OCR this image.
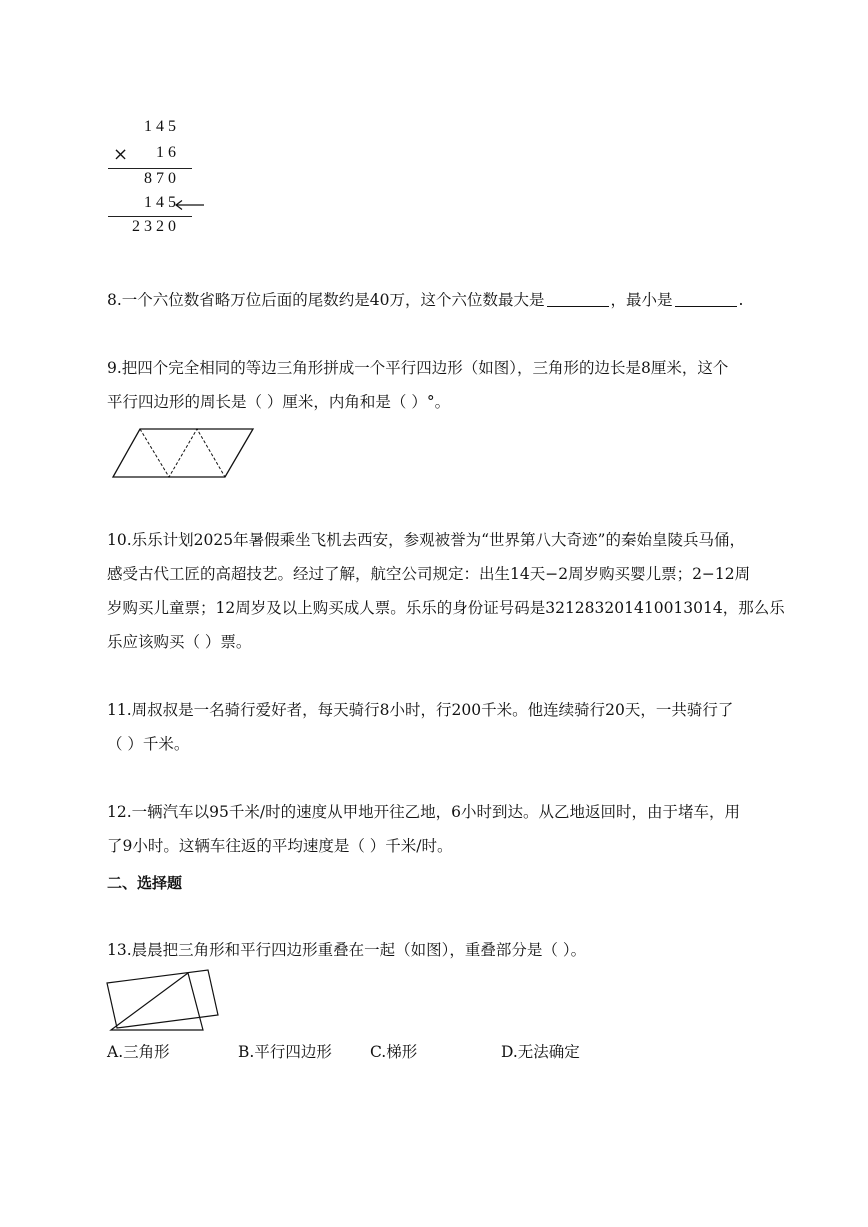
145
×	16
870
145
2320
8.一个六位数省略万位后面的尾数约是40万，这个六位数最大是	，最小是	.
9.把四个完全相同的等边三角形拼成一个平行四边形（如图），三角形的边长是8厘米，这个
平行四边形的周长是（ ）厘米，内角和是（ ）°。
10.乐乐计划2025年暑假乘坐飞机去西安，参观被誉为“世界第八大奇迹”的秦始皇陵兵马俑，
感受古代工匠的高超技艺。经过了解，航空公司规定：出生14天−2周岁购买婴儿票；2−12周
岁购买儿童票；12周岁及以上购买成人票。乐乐的身份证号码是321283201410013014，那么乐
乐应该购买（ ）票。
11.周叔叔是一名骑行爱好者，每天骑行8小时，行200千米。他连续骑行20天，一共骑行了
（ ）千米。
12.一辆汽车以95千米/时的速度从甲地开往乙地，6小时到达。从乙地返回时，由于堵车，用
了9小时。这辆车往返的平均速度是（ ）千米/时。
二、选择题
13.晨晨把三角形和平行四边形重叠在一起（如图），重叠部分是（ ）。
A.三角形	B.平行四边形 C.梯形	D.无法确定
